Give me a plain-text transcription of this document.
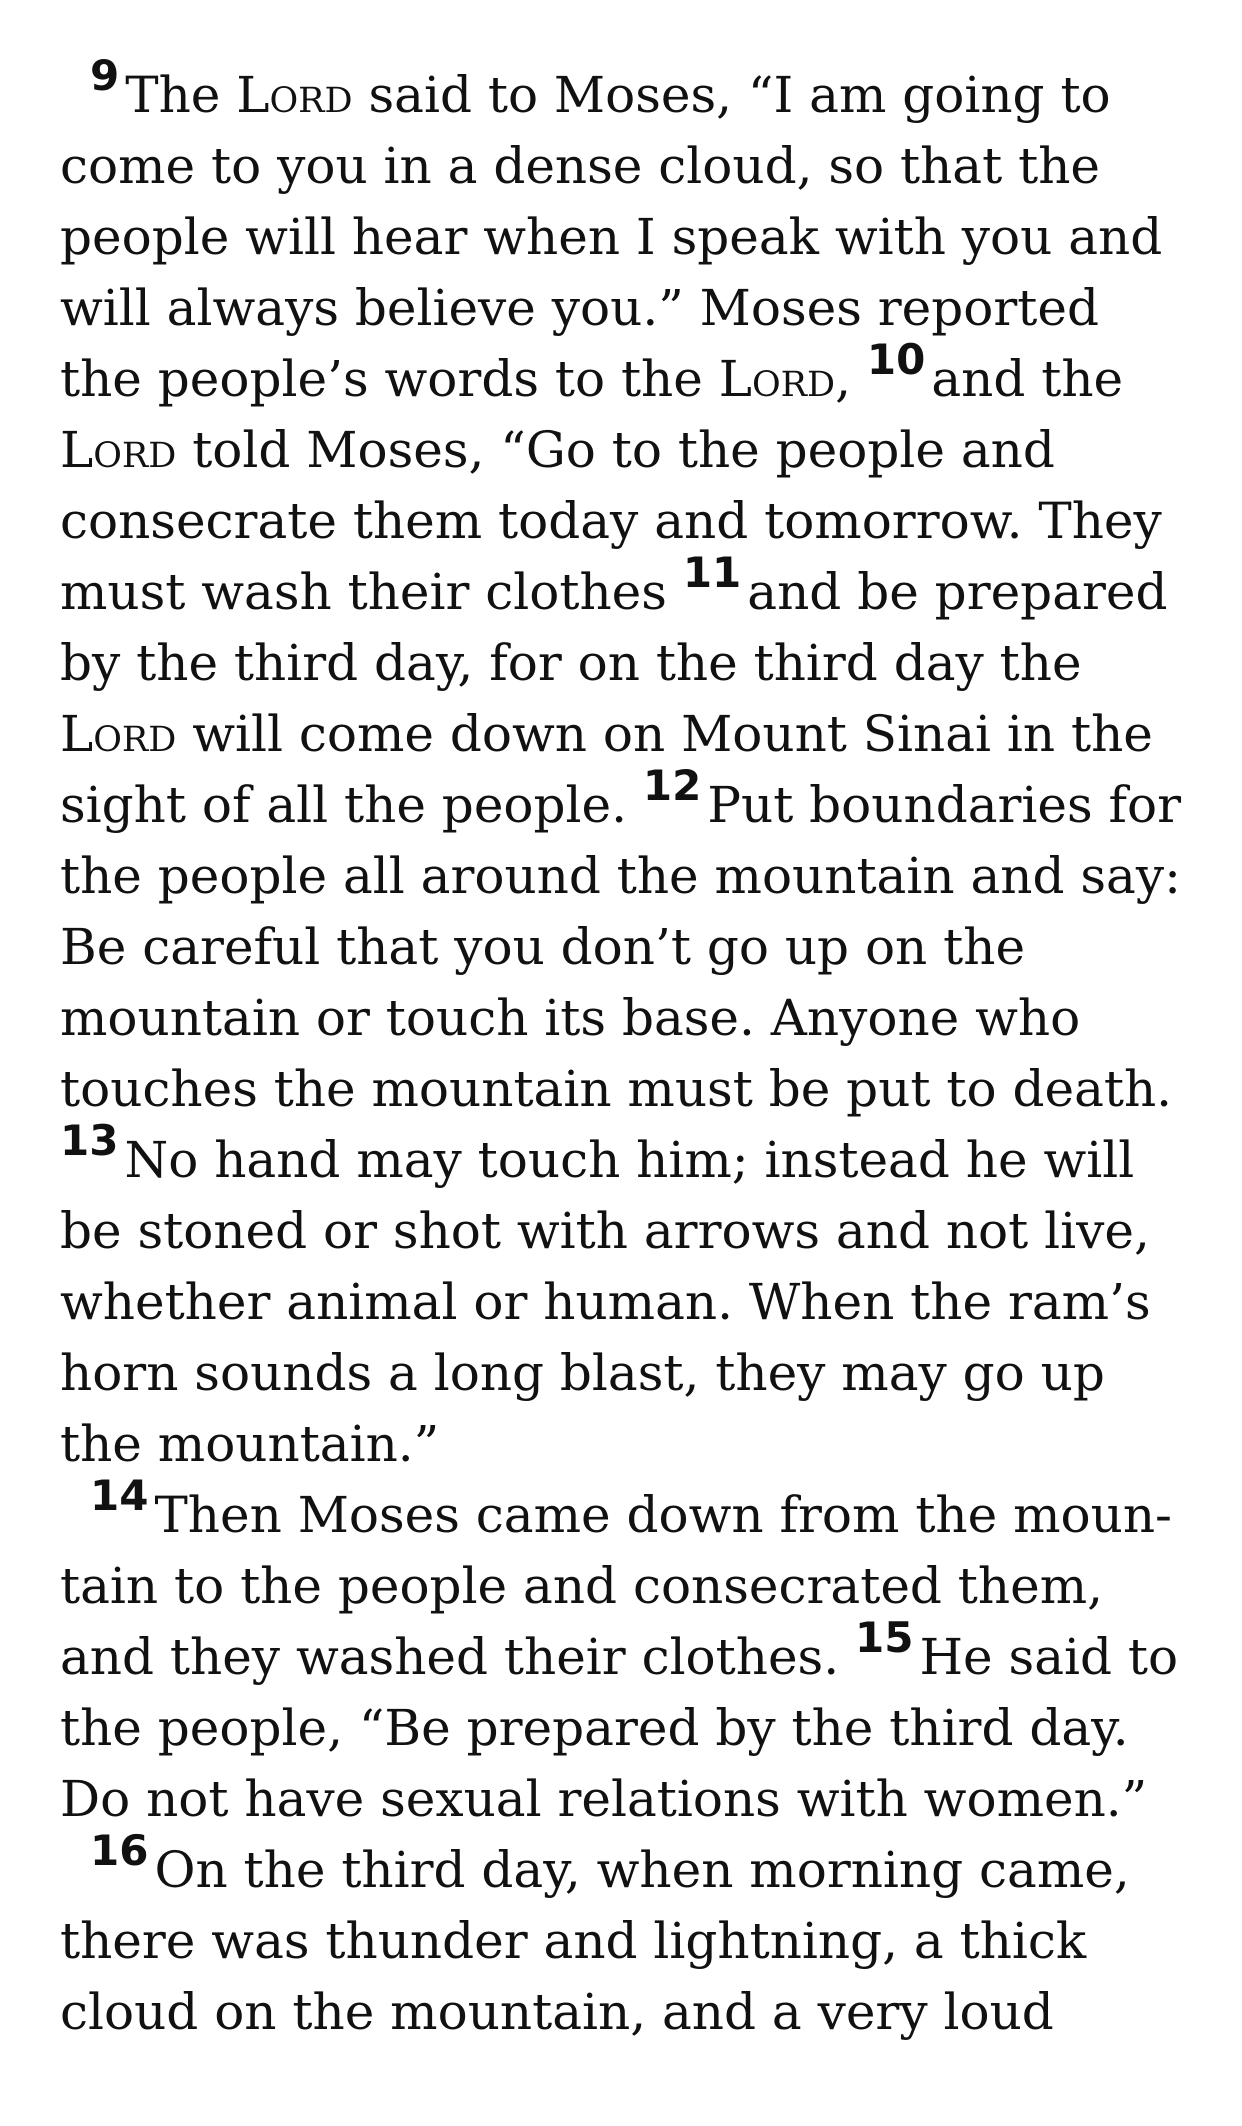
$^9$ The Lord said to Moses, “I am going to come to you in a dense cloud, so that the people will hear when I speak with you and will always believe you.” Moses reported the people’s words to the Lord, $^{10}$ and the Lord told Moses, “Go to the people and consecrate them today and tomorrow. They must wash their clothes $^{11}$ and be prepared by the third day, for on the third day the Lord will come down on Mount Sinai in the sight of all the people. $^{12}$ Put boundaries for the people all around the mountain and say: Be careful that you don’t go up on the mountain or touch its base. Anyone who touches the mountain must be put to death. $^{13}$ No hand may touch him; instead he will be stoned or shot with arrows and not live, whether animal or human. When the ram’s horn sounds a long blast, they may go up the mountain.”

$^{14}$ Then Moses came down from the mountain to the people and consecrated them, and they washed their clothes. $^{15}$ He said to the people, “Be prepared by the third day. Do not have sexual relations with women.”

$^{16}$ On the third day, when morning came, there was thunder and lightning, a thick cloud on the mountain, and a very loud
